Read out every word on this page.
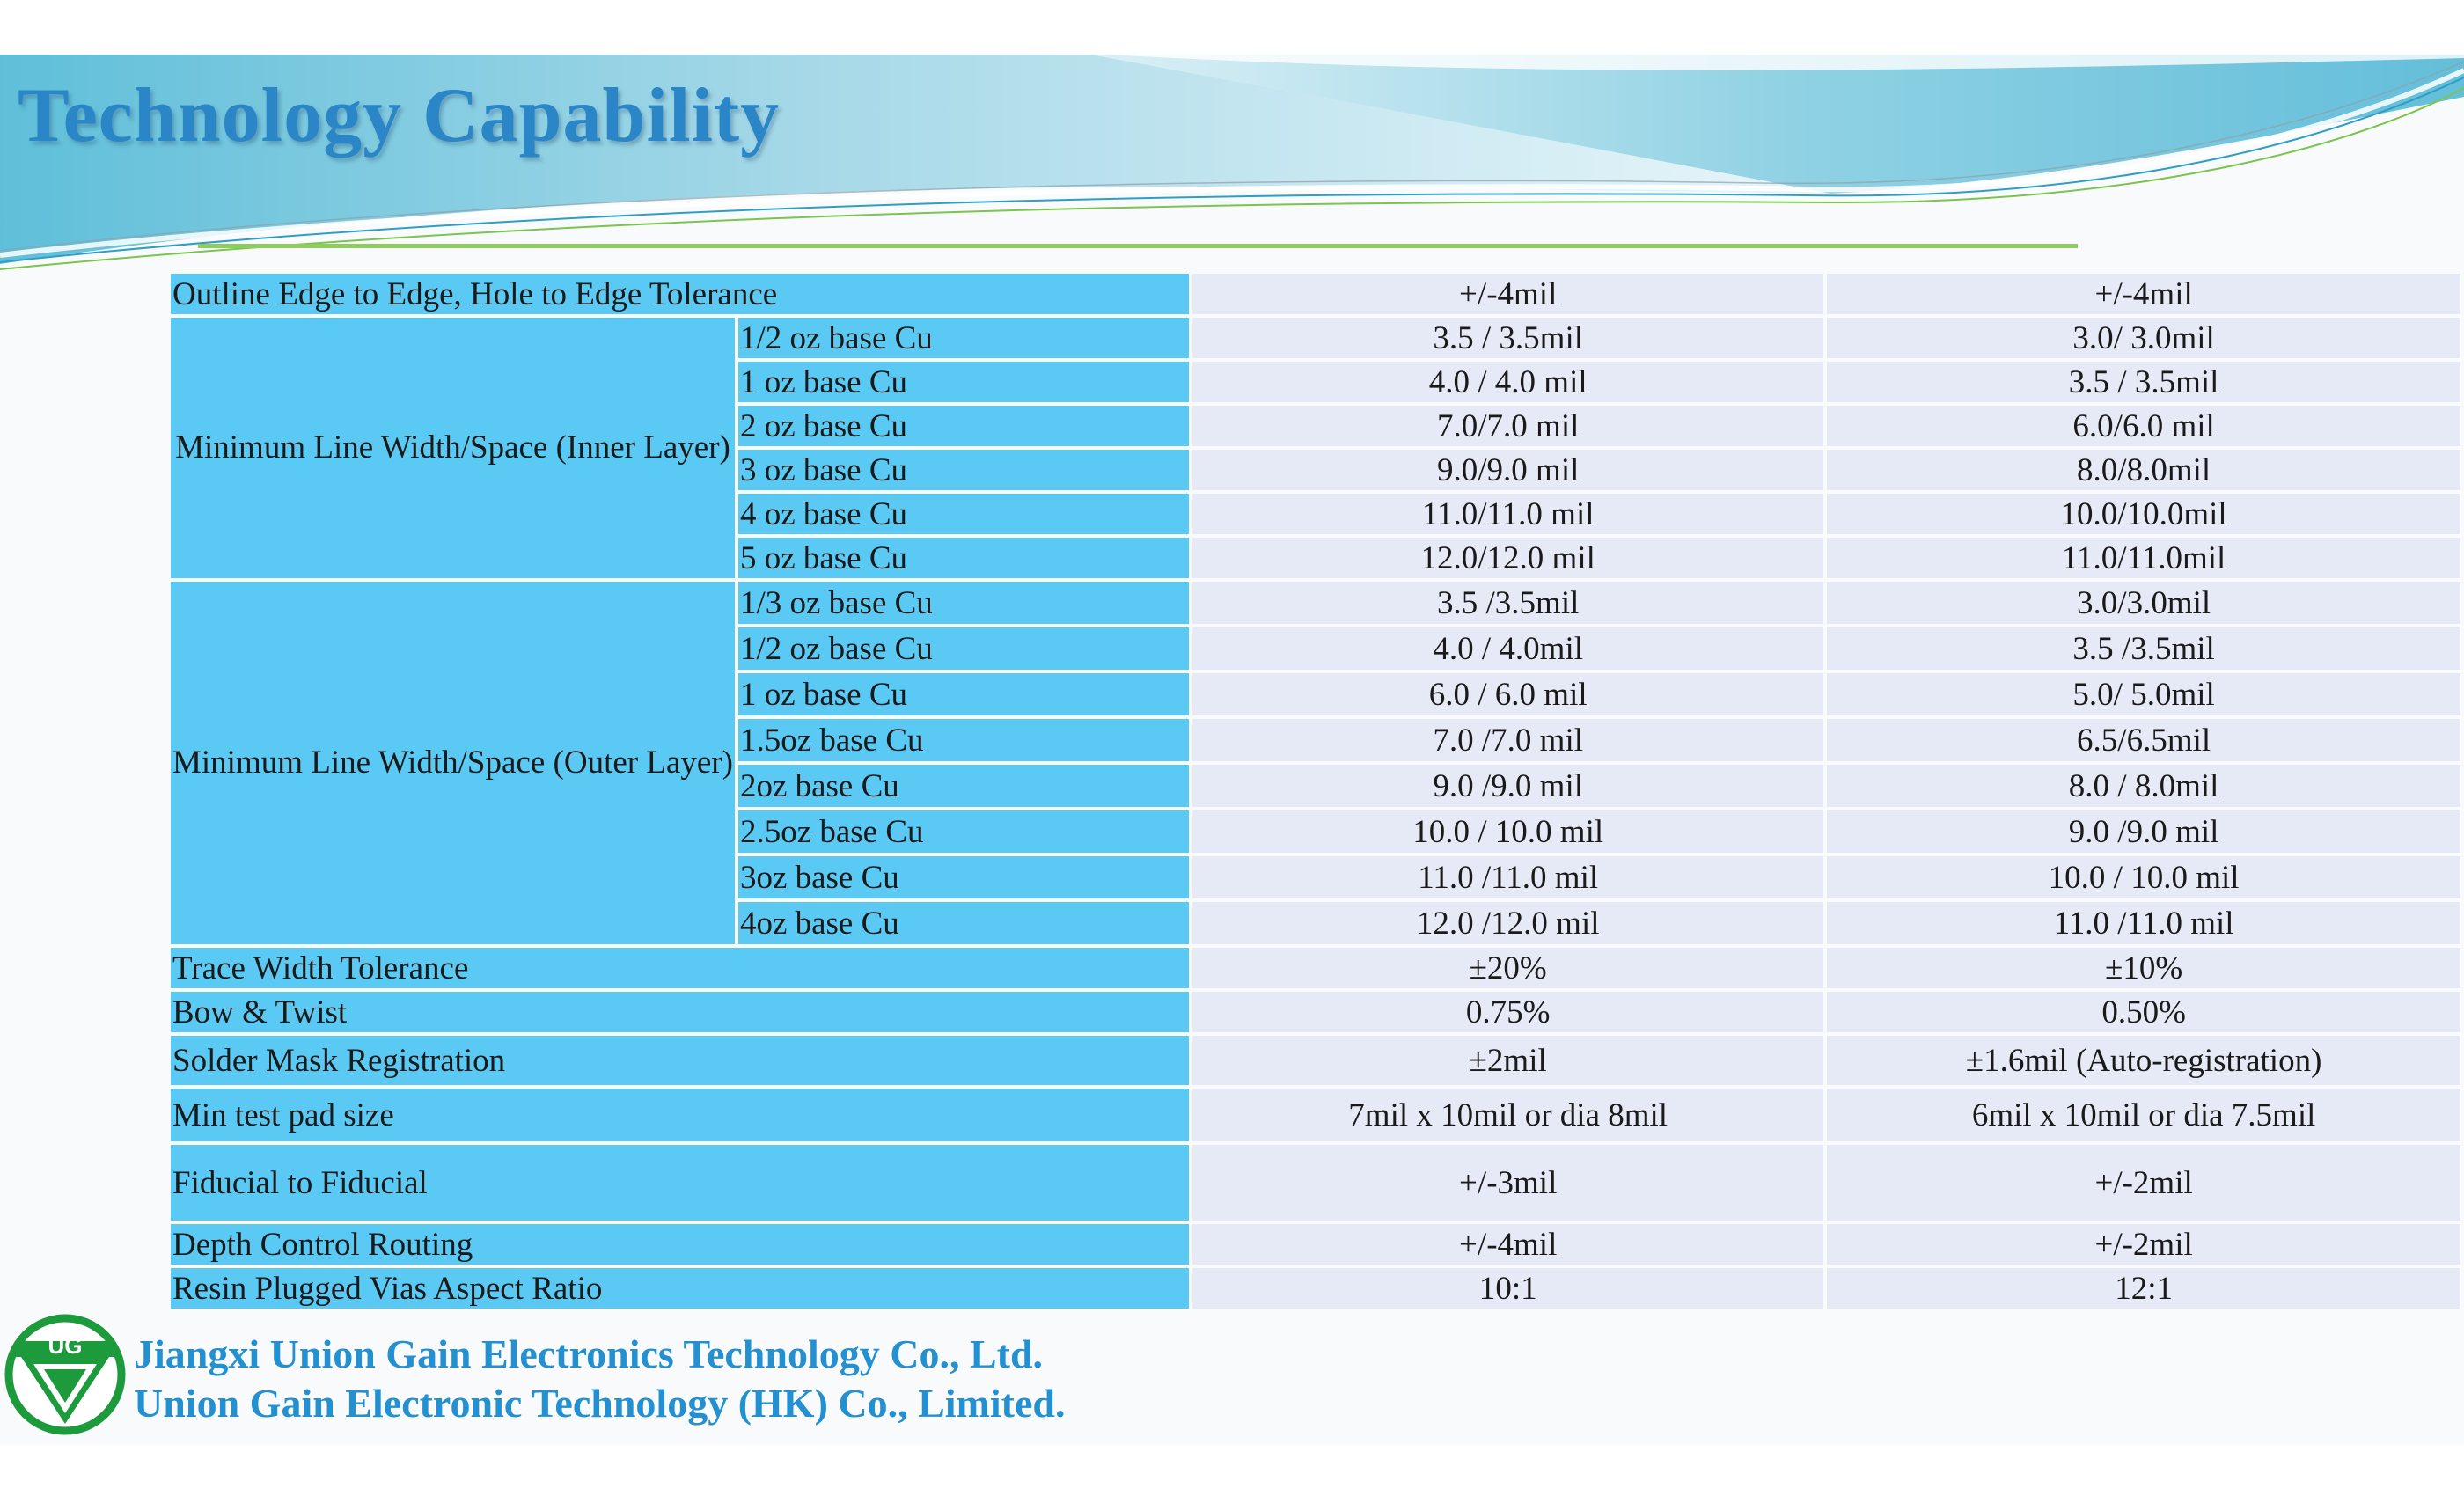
Technology Capability
Outline Edge to Edge, Hole to Edge Tolerance		+/-4mil	+/-4mil
Minimum Line Width/Space (Inner Layer)	1/2 oz base Cu	3.5 / 3.5mil	3.0/ 3.0mil
	1 oz base Cu	4.0 / 4.0 mil	3.5 / 3.5mil
	2 oz base Cu	7.0/7.0 mil	6.0/6.0 mil
	3 oz base Cu	9.0/9.0 mil	8.0/8.0mil
	4 oz base Cu	11.0/11.0 mil	10.0/10.0mil
	5 oz base Cu	12.0/12.0 mil	11.0/11.0mil
Minimum Line Width/Space (Outer Layer)	1/3 oz base Cu	3.5 /3.5mil	3.0/3.0mil
	1/2 oz base Cu	4.0 / 4.0mil	3.5 /3.5mil
	1 oz base Cu	6.0 / 6.0 mil	5.0/ 5.0mil
	1.5oz base Cu	7.0 /7.0 mil	6.5/6.5mil
	2oz base Cu	9.0 /9.0 mil	8.0 / 8.0mil
	2.5oz base Cu	10.0 / 10.0 mil	9.0 /9.0 mil
	3oz base Cu	11.0 /11.0 mil	10.0 / 10.0 mil
	4oz base Cu	12.0 /12.0 mil	11.0 /11.0 mil
Trace Width Tolerance		±20%	±10%
Bow & Twist		0.75%	0.50%
Solder Mask Registration		±2mil	±1.6mil (Auto-registration)
Min test pad size		7mil x 10mil or dia 8mil	6mil x 10mil or dia 7.5mil
Fiducial to Fiducial		+/-3mil	+/-2mil
Depth Control Routing		+/-4mil	+/-2mil
Resin Plugged Vias Aspect Ratio		10:1	12:1
UG Jiangxi Union Gain Electronics Technology Co., Ltd.

Union Gain Electronic Technology (HK) Co., Limited.
